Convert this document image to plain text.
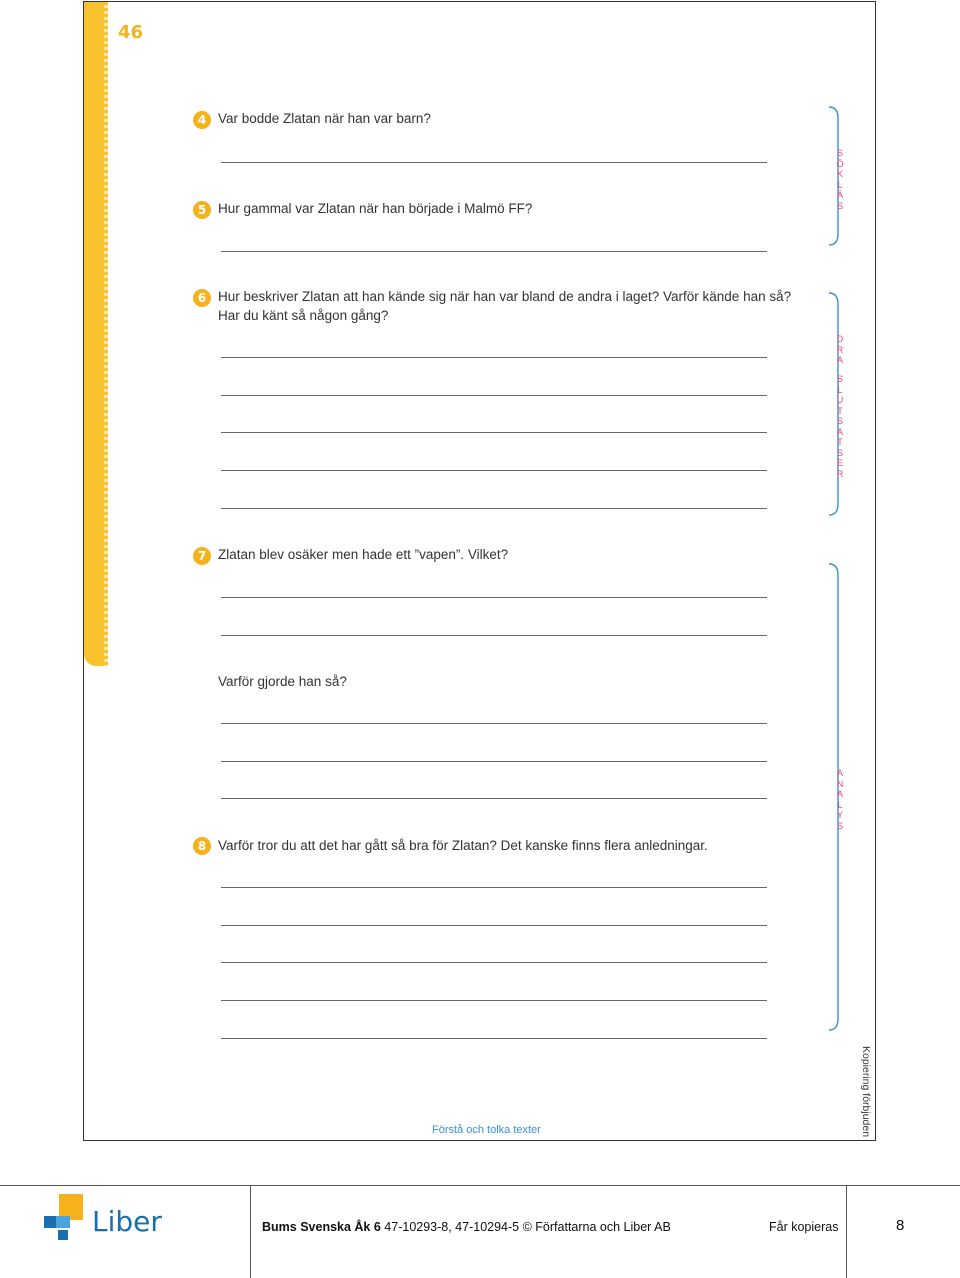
46
4 Var bodde Zlatan när han var barn?
5 Hur gammal var Zlatan när han började i Malmö FF?
6 Hur beskriver Zlatan att han kände sig när han var bland de andra i laget? Varför kände han så?
Har du känt så någon gång?
7 Zlatan blev osäker men hade ett ”vapen”. Vilket?
Varför gjorde han så?
8 Varför tror du att det har gått så bra för Zlatan? Det kanske finns flera anledningar.
S
Ö
K
L
Ä
S
D
R
A
S
L
U
T
S
A
T
S
E
R
A
N
A
L
Y
S
Förstå och tolka texter	Kopiering förbjuden
Liber	Bums Svenska Åk 6 47-10293-8, 47-10294-5 © Författarna och Liber AB	Får kopieras	8
